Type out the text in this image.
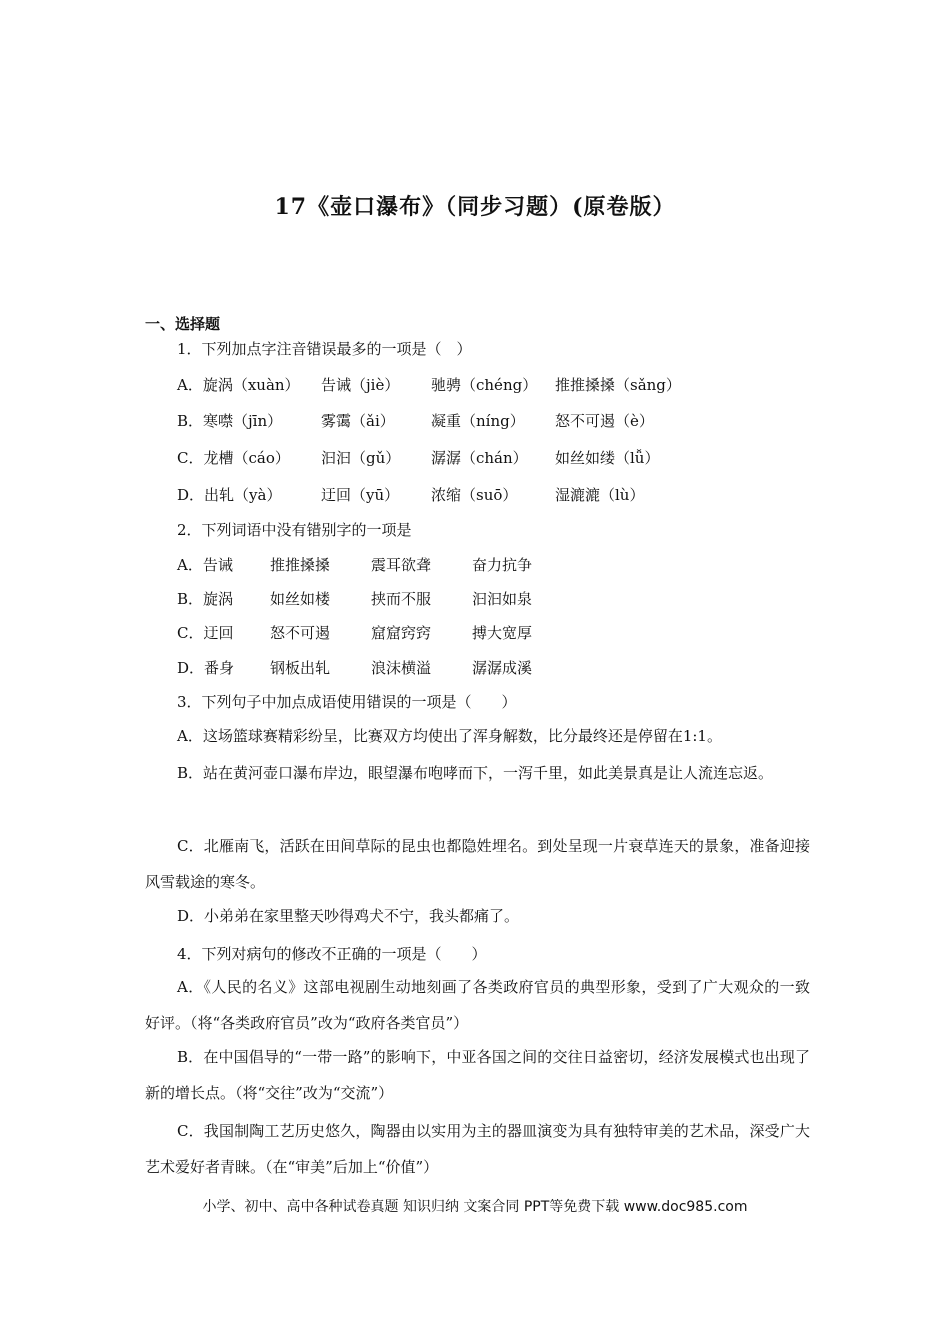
17《壶口瀑布》（同步习题）(原卷版）
一、选择题
1．下列加点字注音错误最多的一项是（　）
A．旋涡（xuàn） 告诫（jiè） 驰骋（chéng） 推推搡搡（sǎng）
B．寒噤（jīn）	雾霭（ǎi） 凝重（níng） 怒不可遏（è）
C．龙槽（cáo） 汩汩（gǔ） 潺潺（chán） 如丝如缕（lǚ）
D．出轧（yà）	迂回（yū） 浓缩（suō）	湿漉漉（lù）
2．下列词语中没有错别字的一项是
A．告诫 推推搡搡	震耳欲聋	奋力抗争
B．旋涡 如丝如楼	挟而不服	汩汩如泉
C．迂回 怒不可遏	窟窟窍窍	搏大宽厚
D．番身 钢板出轧	浪沫横溢	潺潺成溪
3．下列句子中加点成语使用错误的一项是（　　）
A．这场篮球赛精彩纷呈，比赛双方均使出了浑身解数，比分最终还是停留在1:1。
B．站在黄河壶口瀑布岸边，眼望瀑布咆哮而下，一泻千里，如此美景真是让人流连忘返。
C．北雁南飞，活跃在田间草际的昆虫也都隐姓埋名。到处呈现一片衰草连天的景象，准备迎接风雪载途的寒冬。
D．小弟弟在家里整天吵得鸡犬不宁，我头都痛了。
4．下列对病句的修改不正确的一项是（　　）
A．《人民的名义》这部电视剧生动地刻画了各类政府官员的典型形象，受到了广大观众的一致好评。（将“各类政府官员”改为“政府各类官员”）
B．在中国倡导的“一带一路”的影响下，中亚各国之间的交往日益密切，经济发展模式也出现了新的增长点。（将“交往”改为“交流”）
C．我国制陶工艺历史悠久，陶器由以实用为主的器皿演变为具有独特审美的艺术品，深受广大艺术爱好者青睐。（在“审美”后加上“价值”）
小学、初中、高中各种试卷真题 知识归纳 文案合同 PPT等免费下载 www.doc985.com
